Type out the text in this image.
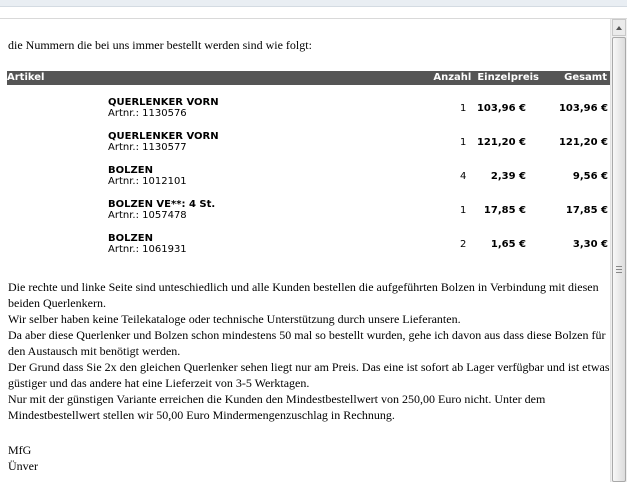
die Nummern die bei uns immer bestellt werden sind wie folgt:
Artikel	Anzahl	Einzelpreis	Gesamt

QUERLENKER VORN
Artnr.: 1130576	1	103,96 €	103,96 €

QUERLENKER VORN
Artnr.: 1130577	1	121,20 €	121,20 €

BOLZEN
Artnr.: 1012101	4	2,39 €	9,56 €

BOLZEN VE**: 4 St.
Artnr.: 1057478	1	17,85 €	17,85 €

BOLZEN
Artnr.: 1061931	2	1,65 €	3,30 €

Die rechte und linke Seite sind unteschiedlich und alle Kunden bestellen die aufgeführten Bolzen in Verbindung mit diesen beiden Querlenkern.

Wir selber haben keine Teilekataloge oder technische Unterstützung durch unsere Lieferanten.

Da aber diese Querlenker und Bolzen schon mindestens 50 mal so bestellt wurden, gehe ich davon aus dass diese Bolzen für den Austausch mit benötigt werden.

Der Grund dass Sie 2x den gleichen Querlenker sehen liegt nur am Preis. Das eine ist sofort ab Lager verfügbar und ist etwas güstiger und das andere hat eine Lieferzeit von 3-5 Werktagen.

Nur mit der günstigen Variante erreichen die Kunden den Mindestbestellwert von 250,00 Euro nicht. Unter dem Mindestbestellwert stellen wir 50,00 Euro Mindermengenzuschlag in Rechnung.

MfG
Ünver
